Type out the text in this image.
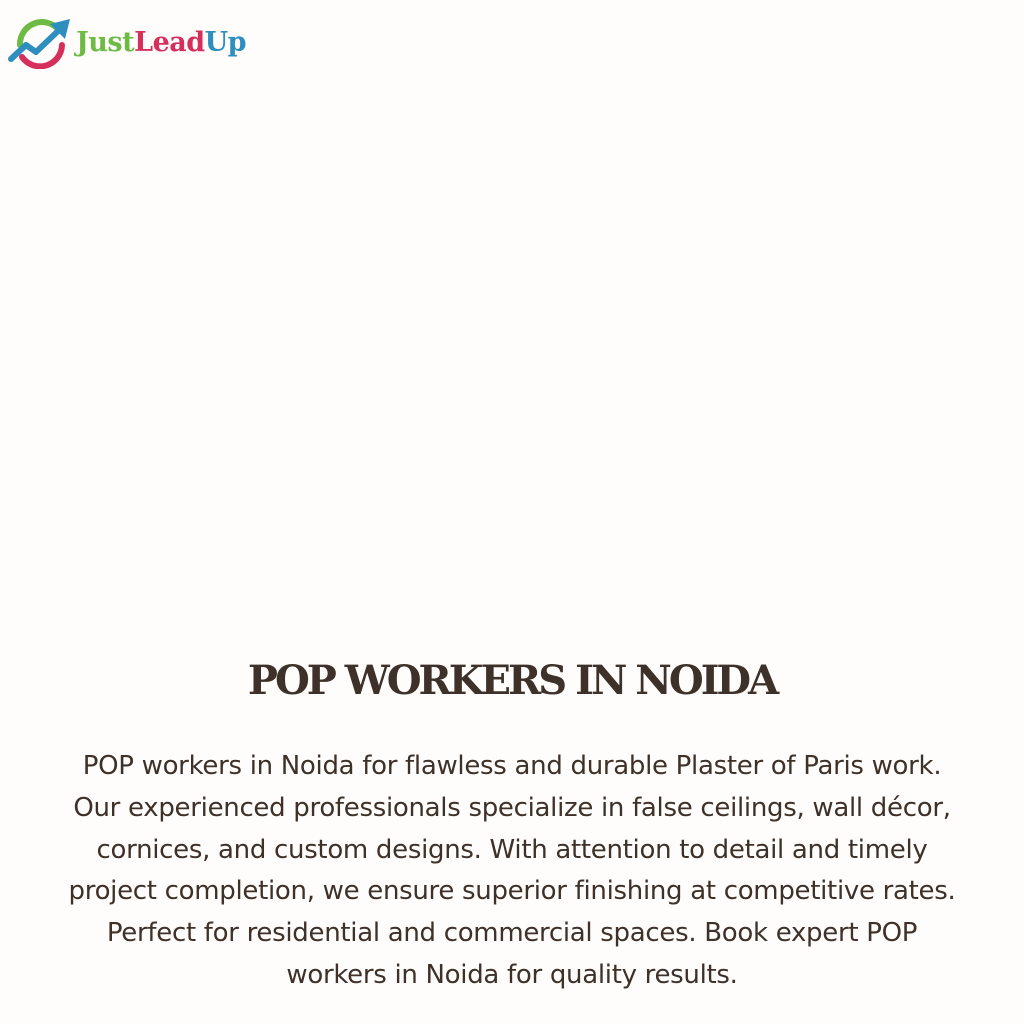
JustLeadUp
POP WORKERS IN NOIDA
POP workers in Noida for flawless and durable Plaster of Paris work.
Our experienced professionals specialize in false ceilings, wall décor,
cornices, and custom designs. With attention to detail and timely
project completion, we ensure superior finishing at competitive rates.
Perfect for residential and commercial spaces. Book expert POP
workers in Noida for quality results.
